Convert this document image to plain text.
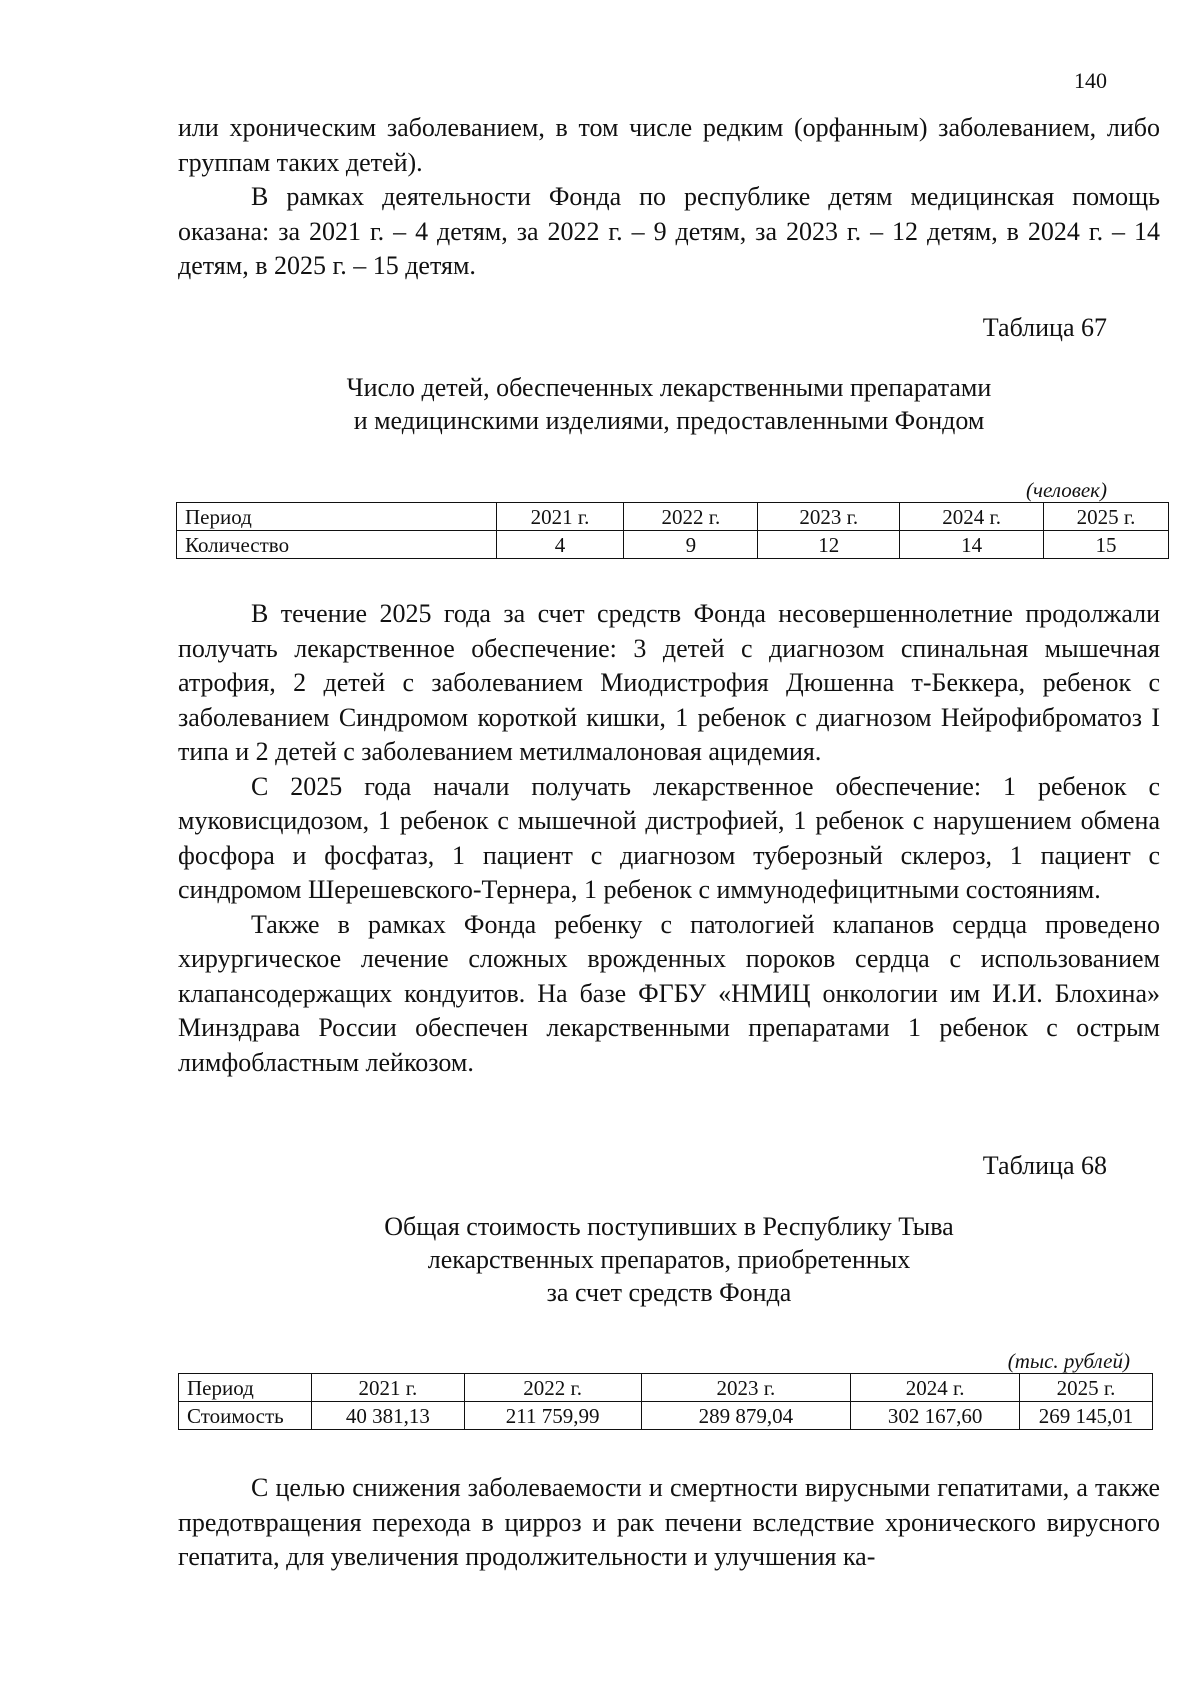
140

или хроническим заболеванием, в том числе редким (орфанным) заболеванием, либо группам таких детей).

В рамках деятельности Фонда по республике детям медицинская помощь оказана: за 2021 г. – 4 детям, за 2022 г. – 9 детям, за 2023 г. – 12 детям, в 2024 г. – 14 детям, в 2025 г. – 15 детям.

Таблица 67
Число детей, обеспеченных лекарственными препаратами
и медицинскими изделиями, предоставленными Фондом
(человек)
Период	2021 г.	2022 г.	2023 г.	2024 г.	2025 г.
Количество	4	9	12	14	15

В течение 2025 года за счет средств Фонда несовершеннолетние продолжали получать лекарственное обеспечение: 3 детей с диагнозом спинальная мышечная атрофия, 2 детей с заболеванием Миодистрофия Дюшенна т-Беккера, ребенок с заболеванием Синдромом короткой кишки, 1 ребенок с диагнозом Нейрофиброматоз I типа и 2 детей с заболеванием метилмалоновая ацидемия.

С 2025 года начали получать лекарственное обеспечение: 1 ребенок с муковисцидозом, 1 ребенок с мышечной дистрофией, 1 ребенок с нарушением обмена фосфора и фосфатаз, 1 пациент с диагнозом туберозный склероз, 1 пациент с синдромом Шерешевского-Тернера, 1 ребенок с иммунодефицитными состояниям.

Также в рамках Фонда ребенку с патологией клапанов сердца проведено хирургическое лечение сложных врожденных пороков сердца с использованием клапансодержащих кондуитов. На базе ФГБУ «НМИЦ онкологии им И.И. Блохина» Минздрава России обеспечен лекарственными препаратами 1 ребенок с острым лимфобластным лейкозом.

Таблица 68
Общая стоимость поступивших в Республику Тыва
лекарственных препаратов, приобретенных
за счет средств Фонда
(тыс. рублей)
Период	2021 г.	2022 г.	2023 г.	2024 г.	2025 г.
Стоимость	40 381,13	211 759,99	289 879,04	302 167,60	269 145,01

С целью снижения заболеваемости и смертности вирусными гепатитами, а также предотвращения перехода в цирроз и рак печени вследствие хронического вирусного гепатита, для увеличения продолжительности и улучшения ка-
